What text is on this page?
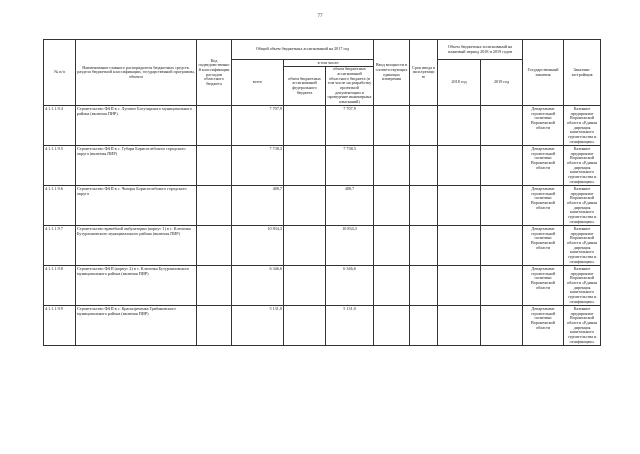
77
№ п/п	Наименование главного распорядителя бюджетных средств, раздела бюджетной классификации, государственной программы, объекта	Код подведомственной классификации расходов областного бюджета	Общий объем бюджетных ассигнований на 2017 год			Ввод мощности в соответствующих единицах измерения	Срок ввода в эксплуатацию	Объем бюджетных ассигнований на плановый период 2018 и 2019 годов		Государственный заказчик	Заказчик-застройщик
			всего	в том числе:				2018 год	2019 год		
				объем бюджетных ассигнований федерального бюджета	объем бюджетных ассигнований областного бюджета (в том числе на разработку проектной документации и проведение инженерных изысканий)						
4.1.1.1.9.4	Строительство ФАП в с. Луговое Богучарского муниципального района (включая ПИР)		7 707,9		7 707,9					Департамент строительной политики Воронежской области	Казенное предприятие Воронежской области «Единая дирекция капитального строительства и газификации»
4.1.1.1.9.5	Строительство ФАП в с. Губари Борисоглебского городского округа (включая ПИР)		7 738,3		7 738,3					Департамент строительной политики Воронежской области	Казенное предприятие Воронежской области «Единая дирекция капитального строительства и газификации»
4.1.1.1.9.6	Строительство ФАП в с. Чигоры Борисоглебского городского округа		488,7		488,7					Департамент строительной политики Воронежской области	Казенное предприятие Воронежской области «Единая дирекция капитального строительства и газификации»
4.1.1.1.9.7	Строительство врачебной амбулатории (корпус 1) в с. Клепочка Бутурлиновского муниципального района (включая ПИР)		10 834,3		10 834,3					Департамент строительной политики Воронежской области	Казенное предприятие Воронежской области «Единая дирекция капитального строительства и газификации»
4.1.1.1.9.8	Строительство ФАП (корпус 2) в с. Клепочка Бутурлиновского муниципального района (включая ПИР)		6 346,6		6 346,6					Департамент строительной политики Воронежской области	Казенное предприятие Воронежской области «Единая дирекция капитального строительства и газификации»
4.1.1.1.9.9	Строительство ФАП в с. Краснореченка Грибановского муниципального района (включая ПИР)		5 131,0		5 131,0					Департамент строительной политики Воронежской области	Казенное предприятие Воронежской области «Единая дирекция капитального строительства и газификации»
